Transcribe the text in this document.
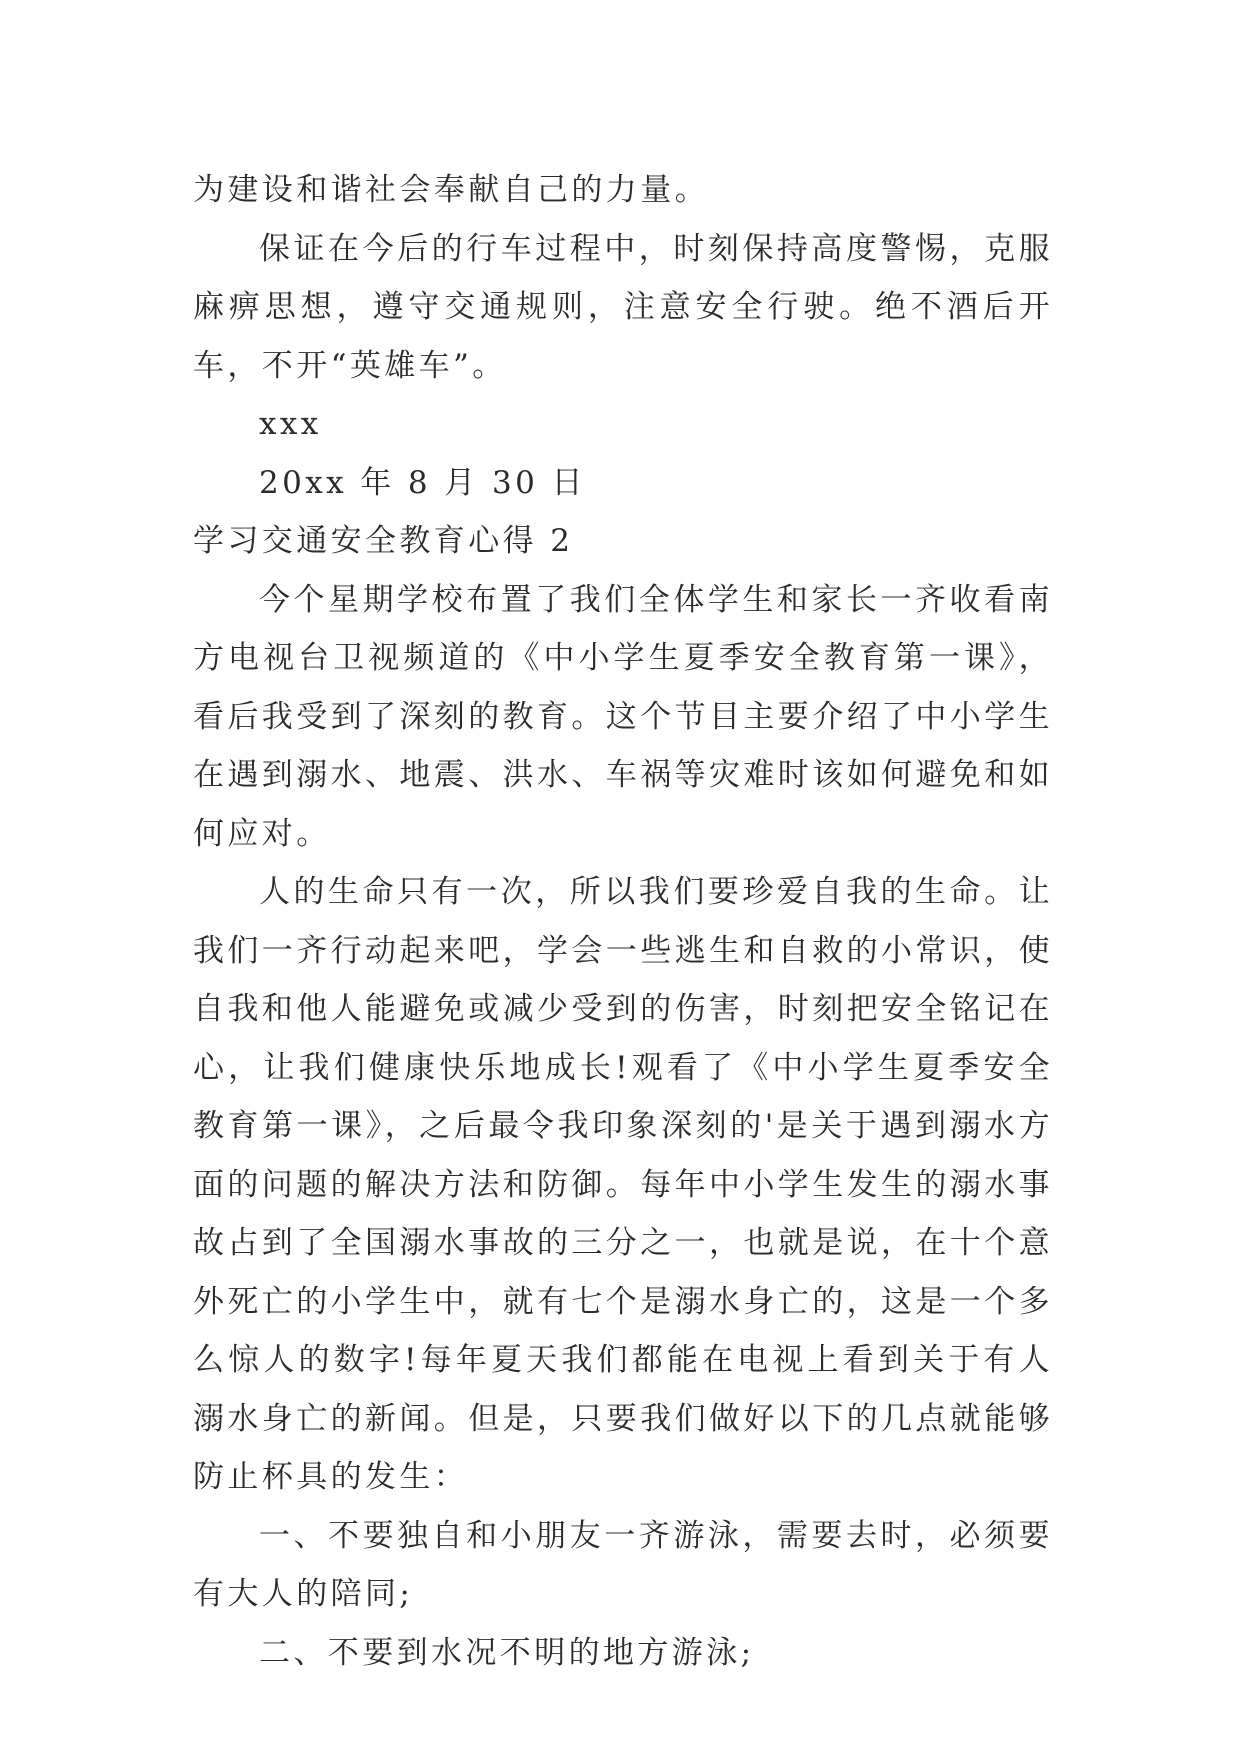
为建设和谐社会奉献自己的力量。

保证在今后的行车过程中，时刻保持高度警惕，克服麻痹思想，遵守交通规则，注意安全行驶。绝不酒后开车，不开“英雄车”。

xxx

20xx 年 8 月 30 日

学习交通安全教育心得 2

今个星期学校布置了我们全体学生和家长一齐收看南方电视台卫视频道的《中小学生夏季安全教育第一课》，看后我受到了深刻的教育。这个节目主要介绍了中小学生在遇到溺水、地震、洪水、车祸等灾难时该如何避免和如何应对。

人的生命只有一次，所以我们要珍爱自我的生命。让我们一齐行动起来吧，学会一些逃生和自救的小常识，使自我和他人能避免或减少受到的伤害，时刻把安全铭记在心，让我们健康快乐地成长!观看了《中小学生夏季安全教育第一课》，之后最令我印象深刻的'是关于遇到溺水方面的问题的解决方法和防御。每年中小学生发生的溺水事故占到了全国溺水事故的三分之一，也就是说，在十个意外死亡的小学生中，就有七个是溺水身亡的，这是一个多么惊人的数字!每年夏天我们都能在电视上看到关于有人溺水身亡的新闻。但是，只要我们做好以下的几点就能够防止杯具的发生：

一、不要独自和小朋友一齐游泳，需要去时，必须要有大人的陪同;

二、不要到水况不明的地方游泳;
